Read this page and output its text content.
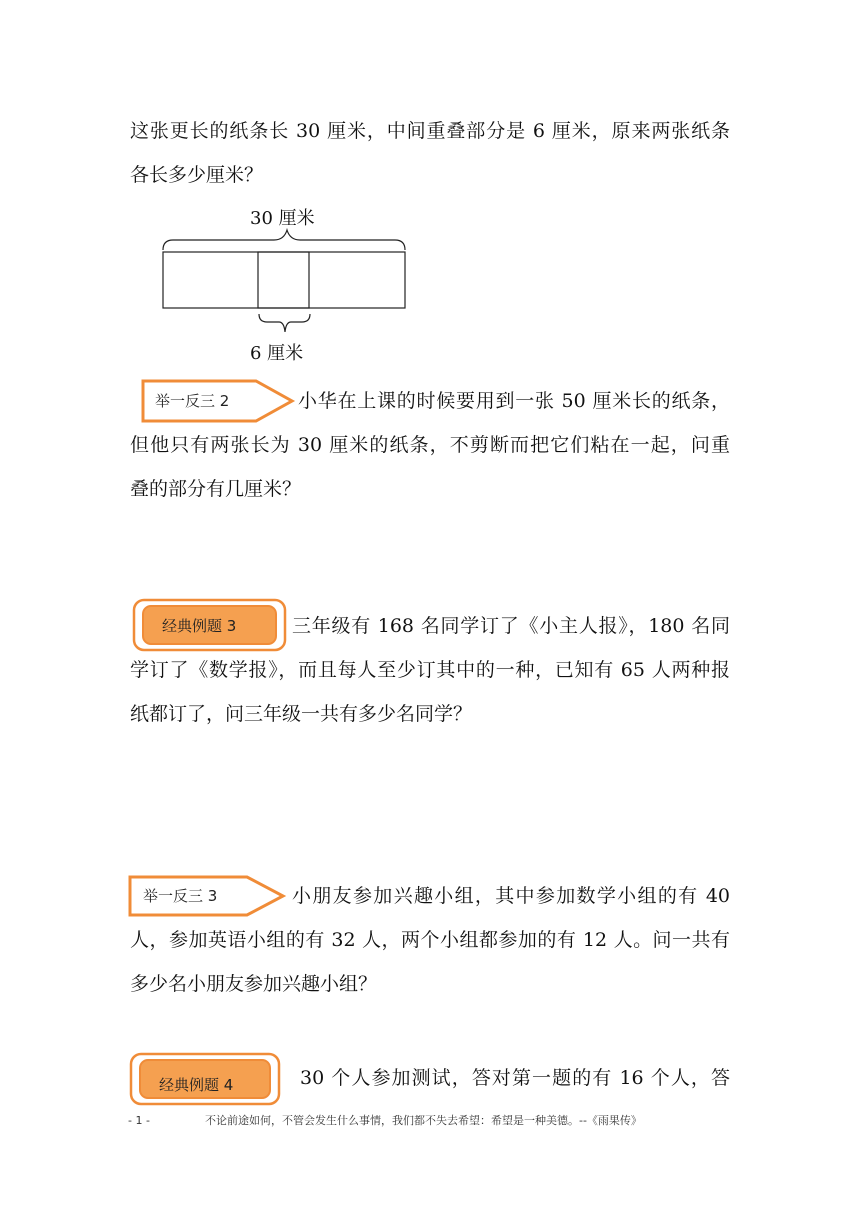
这张更长的纸条长 30 厘米，中间重叠部分是 6 厘米，原来两张纸条
各长多少厘米？
30 厘米
6 厘米
举一反三 2	小华在上课的时候要用到一张 50 厘米长的纸条，
但他只有两张长为 30 厘米的纸条，不剪断而把它们粘在一起，问重
叠的部分有几厘米？
经典例题 3	三年级有 168 名同学订了《小主人报》，180 名同
学订了《数学报》，而且每人至少订其中的一种，已知有 65 人两种报
纸都订了，问三年级一共有多少名同学？
举一反三 3	小朋友参加兴趣小组，其中参加数学小组的有 40
人，参加英语小组的有 32 人，两个小组都参加的有 12 人。问一共有
多少名小朋友参加兴趣小组？
经典例题 4	30 个人参加测试，答对第一题的有 16 个人，答
- 1 -	不论前途如何，不管会发生什么事情，我们都不失去希望：希望是一种美德。--《雨果传》
